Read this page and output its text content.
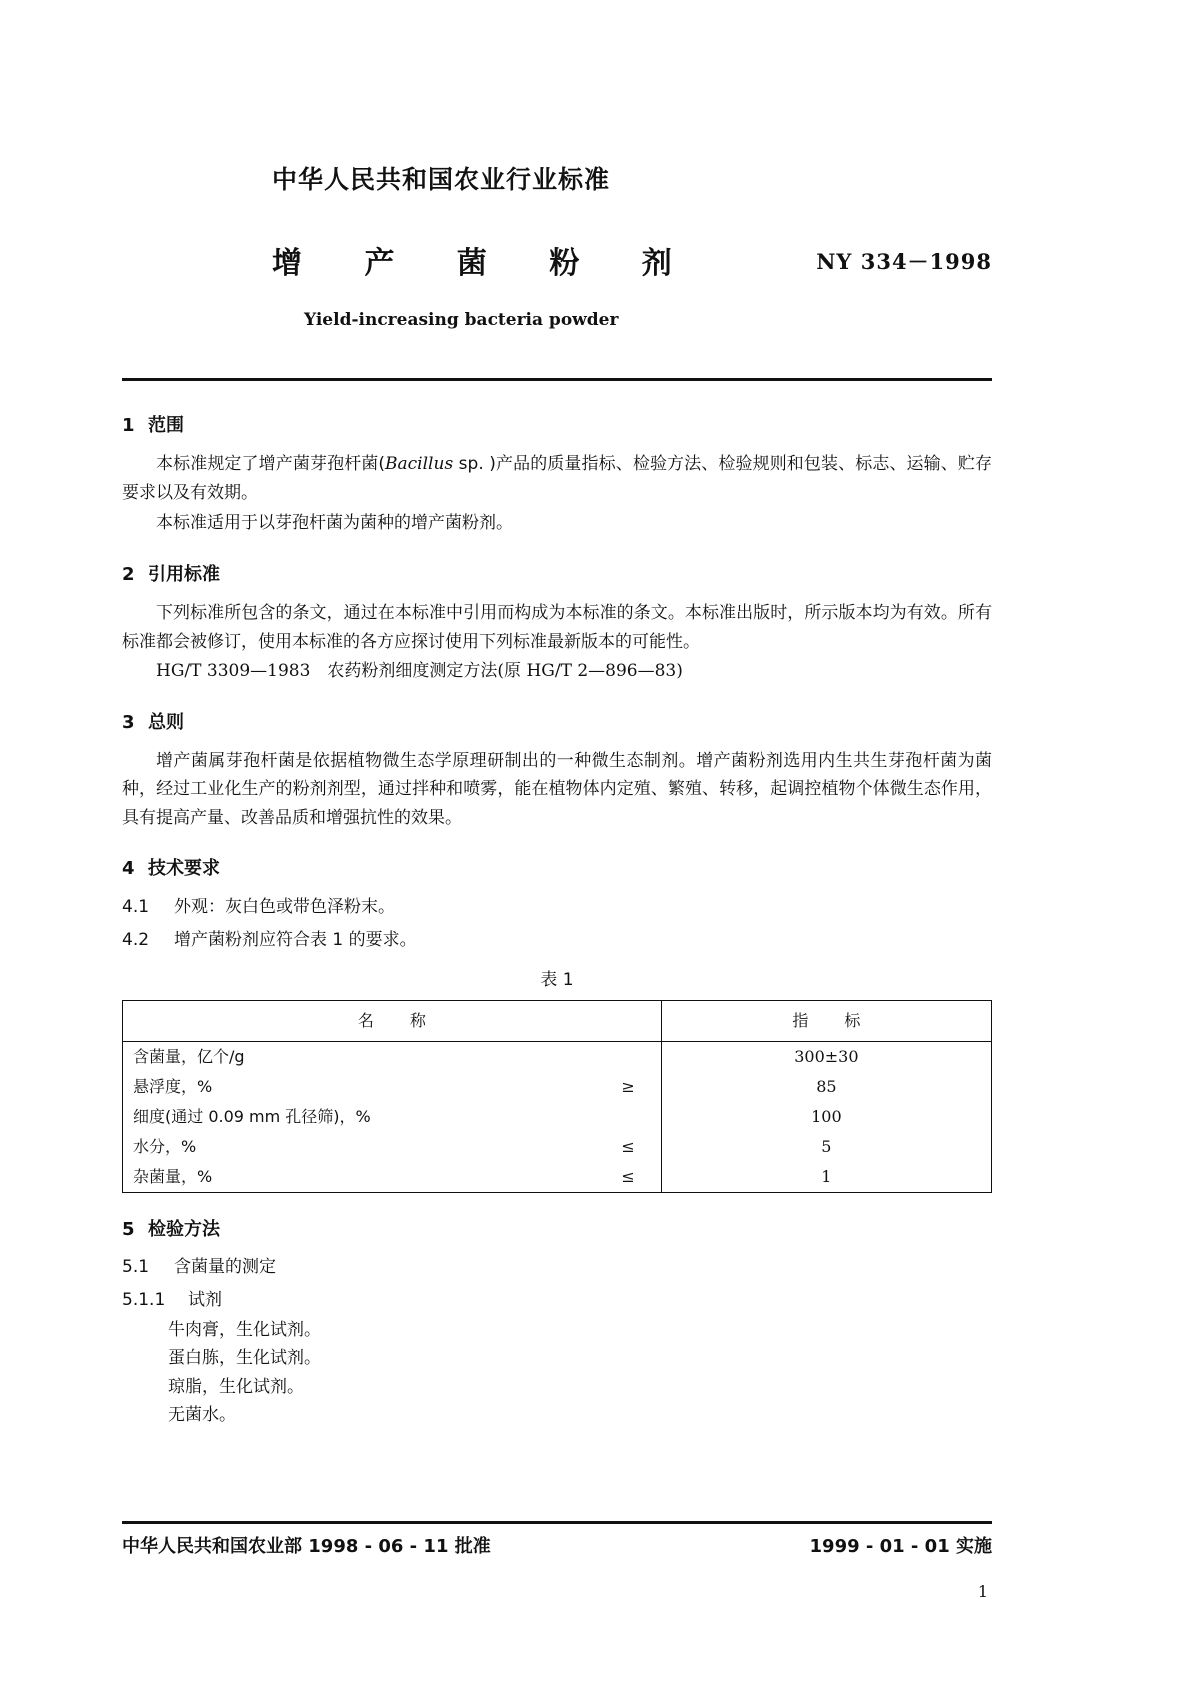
中华人民共和国农业行业标准
增 产 菌 粉 剂	NY 334－1998
Yield-increasing bacteria powder
1 范围

本标准规定了增产菌芽孢杆菌(Bacillus sp. )产品的质量指标、检验方法、检验规则和包装、标志、运输、贮存要求以及有效期。

本标准适用于以芽孢杆菌为菌种的增产菌粉剂。

2 引用标准

下列标准所包含的条文，通过在本标准中引用而构成为本标准的条文。本标准出版时，所示版本均为有效。所有标准都会被修订，使用本标准的各方应探讨使用下列标准最新版本的可能性。

HG/T 3309—1983　农药粉剂细度测定方法(原 HG/T 2—896—83)

3 总则

增产菌属芽孢杆菌是依据植物微生态学原理研制出的一种微生态制剂。增产菌粉剂选用内生共生芽孢杆菌为菌种，经过工业化生产的粉剂剂型，通过拌种和喷雾，能在植物体内定殖、繁殖、转移，起调控植物个体微生态作用，具有提高产量、改善品质和增强抗性的效果。

4 技术要求
4.1 外观：灰白色或带色泽粉末。
4.2 增产菌粉剂应符合表 1 的要求。
表 1
名　称	指　标
含菌量，亿个/g	300±30
悬浮度，% ≥	85
细度(通过 0.09 mm 孔径筛)，%	100
水分，% ≤	5
杂菌量，% ≤	1
5 检验方法
5.1 含菌量的测定
5.1.1 试剂
牛肉膏，生化试剂。
蛋白胨，生化试剂。
琼脂，生化试剂。
无菌水。
中华人民共和国农业部 1998 - 06 - 11 批准	1999 - 01 - 01 实施
1
